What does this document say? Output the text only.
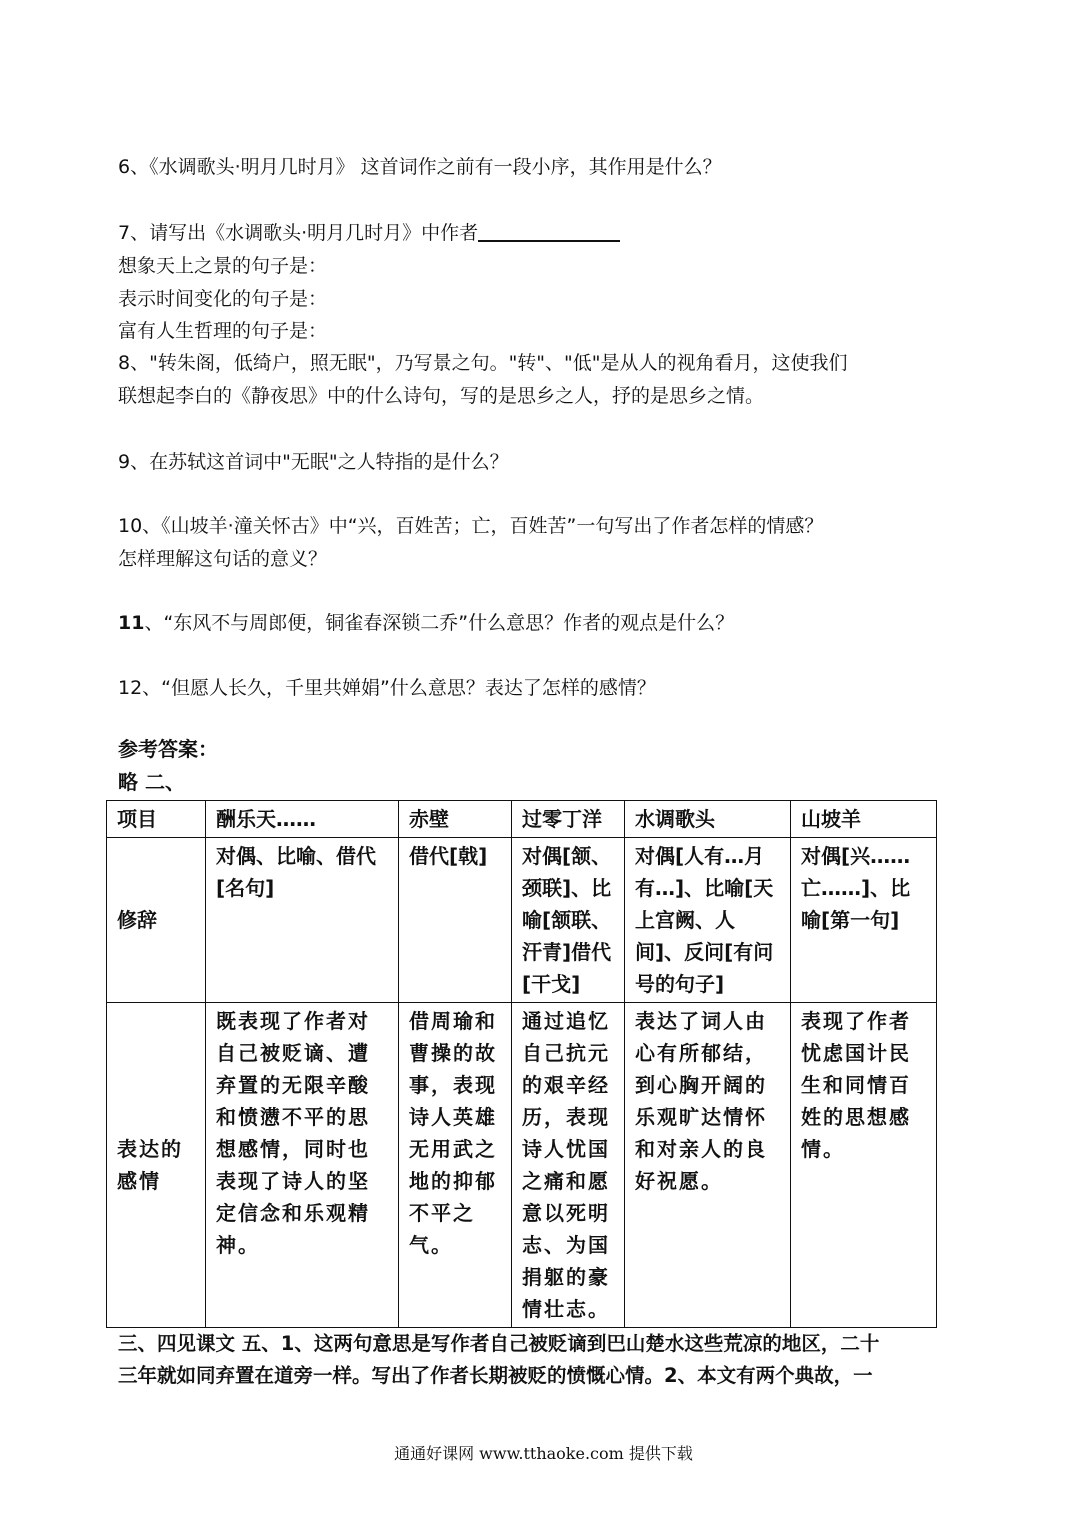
6、《水调歌头·明月几时月》 这首词作之前有一段小序，其作用是什么？
7、请写出《水调歌头·明月几时月》中作者
想象天上之景的句子是：
表示时间变化的句子是：
富有人生哲理的句子是：
8、"转朱阁，低绮户，照无眠"，乃写景之句。"转"、"低"是从人的视角看月，这使我们
联想起李白的《静夜思》中的什么诗句，写的是思乡之人，抒的是思乡之情。
9、在苏轼这首词中"无眠"之人特指的是什么？
10、《山坡羊·潼关怀古》中“兴，百姓苦；亡，百姓苦”一句写出了作者怎样的情感？
怎样理解这句话的意义？
11、“东风不与周郎便，铜雀春深锁二乔”什么意思？作者的观点是什么？
12、“但愿人长久，千里共婵娟”什么意思？表达了怎样的感情？
参考答案：
略 二、
项目	酬乐天……	赤壁	过零丁洋	水调歌头	山坡羊
修辞	对偶、比喻、借代[名句]	借代[戟]	对偶[颔、颈联]、比喻[颔联、汗青]借代[干戈]	对偶[人有…月有…]、比喻[天上宫阙、人间]、反问[有问号的句子]	对偶[兴……亡……]、比喻[第一句]
表达的感情	既表现了作者对自己被贬谪、遭弃置的无限辛酸和愤懑不平的思想感情，同时也表现了诗人的坚定信念和乐观精神。	借周瑜和曹操的故事，表现诗人英雄无用武之地的抑郁不平之气。	通过追忆自己抗元的艰辛经历，表现诗人忧国之痛和愿意以死明志、为国捐躯的豪情壮志。	表达了词人由心有所郁结，到心胸开阔的乐观旷达情怀和对亲人的良好祝愿。	表现了作者忧虑国计民生和同情百姓的思想感情。
三、四见课文 五、1、这两句意思是写作者自己被贬谪到巴山楚水这些荒凉的地区，二十
三年就如同弃置在道旁一样。写出了作者长期被贬的愤慨心情。2、本文有两个典故，一
通通好课网 www.tthaoke.com 提供下载
